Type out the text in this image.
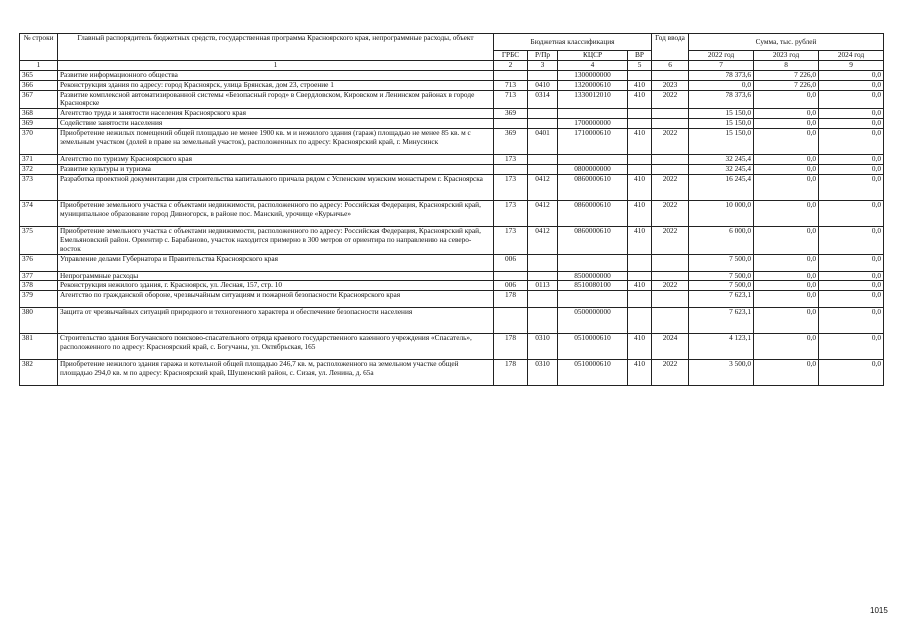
№ строки	Главный распорядитель бюджетных средств, государственная программа Красноярского края, непрограммные расходы, объект	Бюджетная классификация				Год ввода	Сумма, тыс. рублей		
		ГРБС	Р/Пр	КЦСР	ВР		2022 год	2023 год	2024 год
1	1	2	3	4	5	6	7	8	9
365	Развитие информационного общества			1300000000			78 373,6	7 226,0	0,0
366	Реконструкция здания по адресу: город Красноярск, улица Брянская, дом 23, строение 1	713	0410	1320000610	410	2023	0,0	7 226,0	0,0
367	Развитие комплексной автоматизированной системы «Безопасный город» в Свердловском, Кировском и Ленинском районах в городе Красноярске	713	0314	1330012010	410	2022	78 373,6	0,0	0,0
368	Агентство труда и занятости населения Красноярского края	369					15 150,0	0,0	0,0
369	Содействие занятости населения			1700000000			15 150,0	0,0	0,0
370	Приобретение нежилых помещений общей площадью не менее 1900 кв. м и нежилого здания (гараж) площадью не менее 85 кв. м с земельным участком (долей в праве на земельный участок), расположенных по адресу: Красноярский край, г. Минусинск	369	0401	1710000610	410	2022	15 150,0	0,0	0,0
371	Агентство по туризму Красноярского края	173					32 245,4	0,0	0,0
372	Развитие культуры и туризма			0800000000			32 245,4	0,0	0,0
373	Разработка проектной документации для строительства капитального причала рядом с Успенским мужским монастырем г. Красноярска	173	0412	0860000610	410	2022	16 245,4	0,0	0,0
374	Приобретение земельного участка с объектами недвижимости, расположенного по адресу: Российская Федерация, Красноярский край, муниципальное образование город Дивногорск, в районе пос. Манский, урочище «Курьичье»	173	0412	0860000610	410	2022	10 000,0	0,0	0,0
375	Приобретение земельного участка с объектами недвижимости, расположенного по адресу: Российская Федерация, Красноярский край, Емельяновский район. Ориентир с. Барабаново, участок находится примерно в 300 метров от ориентира по направлению на северо-восток	173	0412	0860000610	410	2022	6 000,0	0,0	0,0
376	Управление делами Губернатора и Правительства Красноярского края	006					7 500,0	0,0	0,0
377	Непрограммные расходы			8500000000			7 500,0	0,0	0,0
378	Реконструкция нежилого здания, г. Красноярск, ул. Лесная, 157, стр. 10	006	0113	8510080100	410	2022	7 500,0	0,0	0,0
379	Агентство по гражданской обороне, чрезвычайным ситуациям и пожарной безопасности Красноярского края	178					7 623,1	0,0	0,0
380	Защита от чрезвычайных ситуаций природного и техногенного характера и обеспечение безопасности населения			0500000000			7 623,1	0,0	0,0
381	Строительство здания Богучанского поисково-спасательного отряда краевого государственного казенного учреждения «Спасатель», расположенного по адресу: Красноярский край, с. Богучаны, ул. Октябрьская, 165	178	0310	0510000610	410	2024	4 123,1	0,0	0,0
382	Приобретение нежилого здания гаража и котельной общей площадью 246,7 кв. м, расположенного на земельном участке общей площадью 294,0 кв. м по адресу: Красноярский край, Шушенский район, с. Сизая, ул. Ленина, д. 65а	178	0310	0510000610	410	2022	3 500,0	0,0	0,0
1015
